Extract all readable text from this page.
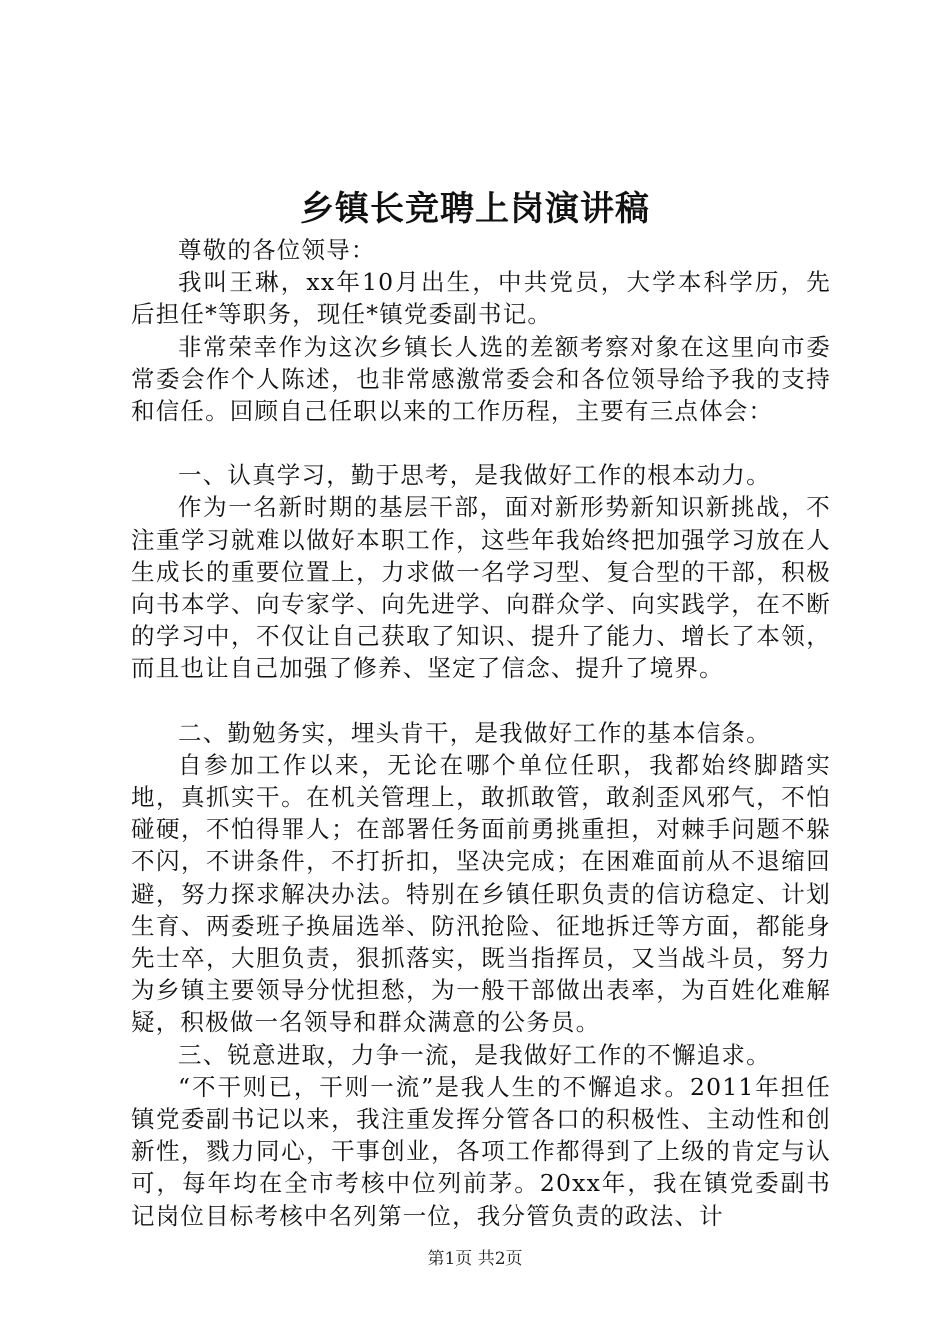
乡镇长竞聘上岗演讲稿

尊敬的各位领导：

我叫王琳，xx年10月出生，中共党员，大学本科学历，先后担任*等职务，现任*镇党委副书记。

非常荣幸作为这次乡镇长人选的差额考察对象在这里向市委常委会作个人陈述，也非常感激常委会和各位领导给予我的支持和信任。回顾自己任职以来的工作历程，主要有三点体会：

一、认真学习，勤于思考，是我做好工作的根本动力。

作为一名新时期的基层干部，面对新形势新知识新挑战，不注重学习就难以做好本职工作，这些年我始终把加强学习放在人生成长的重要位置上，力求做一名学习型、复合型的干部，积极向书本学、向专家学、向先进学、向群众学、向实践学，在不断的学习中，不仅让自己获取了知识、提升了能力、增长了本领，而且也让自己加强了修养、坚定了信念、提升了境界。

二、勤勉务实，埋头肯干，是我做好工作的基本信条。

自参加工作以来，无论在哪个单位任职，我都始终脚踏实地，真抓实干。在机关管理上，敢抓敢管，敢刹歪风邪气，不怕碰硬，不怕得罪人；在部署任务面前勇挑重担，对棘手问题不躲不闪，不讲条件，不打折扣，坚决完成；在困难面前从不退缩回避，努力探求解决办法。特别在乡镇任职负责的信访稳定、计划生育、两委班子换届选举、防汛抢险、征地拆迁等方面，都能身先士卒，大胆负责，狠抓落实，既当指挥员，又当战斗员，努力为乡镇主要领导分忧担愁，为一般干部做出表率，为百姓化难解疑，积极做一名领导和群众满意的公务员。

三、锐意进取，力争一流，是我做好工作的不懈追求。

“不干则已，干则一流”是我人生的不懈追求。2011年担任镇党委副书记以来，我注重发挥分管各口的积极性、主动性和创新性，戮力同心，干事创业，各项工作都得到了上级的肯定与认可，每年均在全市考核中位列前茅。20xx年，我在镇党委副书记岗位目标考核中名列第一位，我分管负责的政法、计

第1页 共2页
